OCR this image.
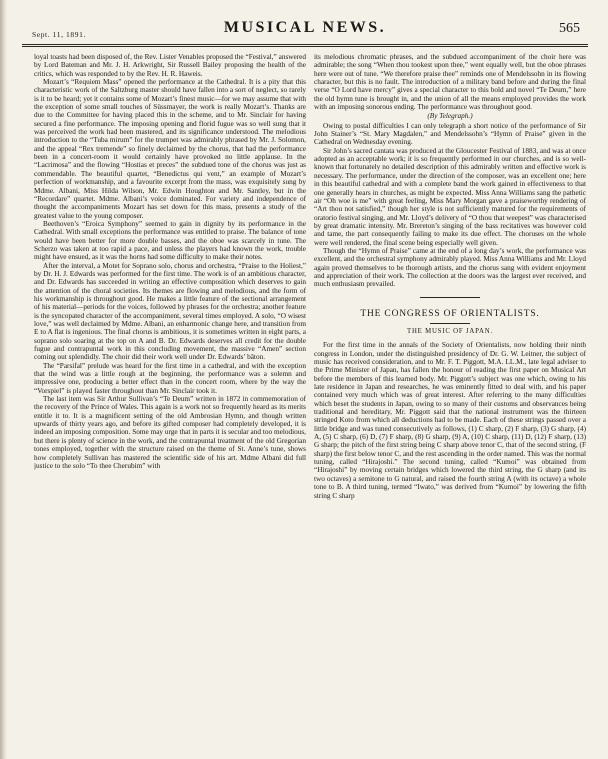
Sept. 11, 1891.	MUSICAL NEWS.	565

loyal toasts had been disposed of, the Rev. Lister Venables proposed the “Festival,” answered by Lord Bateman and Mr. J. H. Arkwright, Sir Russell Bailey proposing the health of the critics, which was responded to by the Rev. H. R. Haweis.

Mozart’s “Requiem Mass” opened the performance at the Cathedral. It is a pity that this characteristic work of the Saltzburg master should have fallen into a sort of neglect, so rarely is it to be heard; yet it contains some of Mozart’s finest music—for we may assume that with the exception of some small touches of Süssmayer, the work is really Mozart’s. Thanks are due to the Committee for having placed this in the scheme, and to Mr. Sinclair for having secured a fine performance. The imposing opening and florid fugue was so well sung that it was perceived the work had been mastered, and its significance understood. The melodious introduction to the “Tuba mirum” for the trumpet was admirably phrased by Mr. J. Solomon, and the appeal “Rex tremende” so finely declaimed by the chorus, that had the performance been in a concert-room it would certainly have provoked no little applause. In the “Lacrimosa” and the flowing “Hostias et preces” the subdued tone of the chorus was just as commendable. The beautiful quartet, “Benedictus qui vent,” an example of Mozart’s perfection of workmanship, and a favourite excerpt from the mass, was exquisitely sung by Mdme. Albani, Miss Hilda Wilson, Mr. Edwin Houghton and Mr. Santley, but in the “Recordare” quartet. Mdme. Albani’s voice dominated. For variety and independence of thought the accompaniments Mozart has set down for this mass, presents a study of the greatest value to the young composer.

Beethoven’s “Eroica Symphony” seemed to gain in dignity by its performance in the Cathedral. With small exceptions the performance was entitled to praise. The balance of tone would have been better for more double basses, and the oboe was scarcely in tune. The Scherzo was taken at too rapid a pace, and unless the players had known the work, trouble might have ensued, as it was the horns had some difficulty to make their notes.

After the interval, a Motet for Soprano solo, chorus and orchestra, “Praise to the Holiest,” by Dr. H. J. Edwards was performed for the first time. The work is of an ambitious character, and Dr. Edwards has succeeded in writing an effective composition which deserves to gain the attention of the choral societies. Its themes are flowing and melodious, and the form of his workmanship is throughout good. He makes a little feature of the sectional arrangement of his material—periods for the voices, followed by phrases for the orchestra; another feature is the syncopated character of the accompaniment, several times employed. A solo, “O wisest love,” was well declaimed by Mdme. Albani, an enharmonic change here, and transition from E to A flat is ingenious. The final chorus is ambitious, it is sometimes written in eight parts, a soprano solo soaring at the top on A and B. Dr. Edwards deserves all credit for the double fugue and contrapuntal work in this concluding movement, the massive “Amen” section coming out splendidly. The choir did their work well under Dr. Edwards’ bâton.

The “Parsifal” prelude was heard for the first time in a cathedral, and with the exception that the wind was a little rough at the beginning, the performance was a solemn and impressive one, producing a better effect than in the concert room, where by the way the “Vorspiel” is played faster throughout than Mr. Sinclair took it.

The last item was Sir Arthur Sullivan’s “Te Deum” written in 1872 in commemoration of the recovery of the Prince of Wales. This again is a work not so frequently heard as its merits entitle it to. It is a magnificent setting of the old Ambrosian Hymn, and though written upwards of thirty years ago, and before its gifted composer had completely developed, it is indeed an imposing composition. Some may urge that in parts it is secular and too melodious, but there is plenty of science in the work, and the contrapuntal treatment of the old Gregorian tones employed, together with the structure raised on the theme of St. Anne’s tune, shows how completely Sullivan has mastered the scientific side of his art. Mdme Albani did full justice to the solo “To thee Cherubim” with

its melodious chromatic phrases, and the subdued accompaniment of the choir here was admirable; the song “When thou tookest upon thee,” went equally well, but the oboe phrases here were out of tune. “We therefore praise thee” reminds one of Mendelssohn in its flowing character, but this is no fault. The introduction of a military band before and during the final verse “O Lord have mercy” gives a special character to this bold and novel “Te Deum,” here the old hymn tune is brought in, and the union of all the means employed provides the work with an imposing sonorous ending. The performance was throughout good.

(By Telegraph.)

Owing to postal difficulties I can only telegraph a short notice of the performance of Sir John Stainer’s “St. Mary Magdalen,” and Mendelssohn’s “Hymn of Praise” given in the Cathedral on Wednesday evening.

Sir John’s sacred cantata was produced at the Gloucester Festival of 1883, and was at once adopted as an acceptable work; it is so frequently performed in our churches, and is so well-known that fortunately no detailed description of this admirably written and effective work is necessary. The performance, under the direction of the composer, was an excellent one; here in this beautiful cathedral and with a complete band the work gained in effectiveness to that one generally hears in churches, as might be expected. Miss Anna Williams sang the pathetic air “Oh woe is me” with great feeling, Miss Mary Morgan gave a praiseworthy rendering of “Art thou not satisfied,” though her style is not sufficiently matured for the requirements of oratorio festival singing, and Mr. Lloyd’s delivery of “O thou that weepest” was characterised by great dramatic intensity. Mr. Brereton’s singing of the bass recitatives was however cold and tame, the part consequently failing to make its due effect. The choruses on the whole were well rendered, the final scene being especially well given.

Though the “Hymn of Praise” came at the end of a long day’s work, the performance was excellent, and the orchestral symphony admirably played. Miss Anna Williams and Mr. Lloyd again proved themselves to be thorough artists, and the chorus sang with evident enjoyment and appreciation of their work. The collection at the doors was the largest ever received, and much enthusiasm prevailed.

THE CONGRESS OF ORIENTALISTS.
THE MUSIC OF JAPAN.

For the first time in the annals of the Society of Orientalists, now holding their ninth congress in London, under the distinguished presidency of Dr. G. W. Leitner, the subject of music has received consideration, and to Mr. F. T. Piggott, M.A. LL.M., late legal adviser to the Prime Minister of Japan, has fallen the honour of reading the first paper on Musical Art before the members of this learned body. Mr. Piggott’s subject was one which, owing to his late residence in Japan and researches, he was eminently fitted to deal with, and his paper contained very much which was of great interest. After referring to the many difficulties which beset the students in Japan, owing to so many of their customs and observances being traditional and hereditary, Mr. Piggott said that the national instrument was the thirteen stringed Koto from which all deductions had to be made. Each of these strings passed over a little bridge and was tuned consecutively as follows, (1) C sharp, (2) F sharp, (3) G sharp, (4) A, (5) C sharp, (6) D, (7) F sharp, (8) G sharp, (9) A, (10) C sharp, (11) D, (12) F sharp, (13) G sharp; the pitch of the first string being C sharp above tenor C, that of the second string, (F sharp) the first below tenor C, and the rest ascending in the order named. This was the normal tuning, called “Hirajoshi.” The second tuning, called “Kumoi” was obtained from “Hirajoshi” by moving certain bridges which lowered the third string, the G sharp (and its two octaves) a semitone to G natural, and raised the fourth string A (with its octave) a whole tone to B. A third tuning, termed “Iwato,” was derived from “Kumoi” by lowering the fifth string C sharp
